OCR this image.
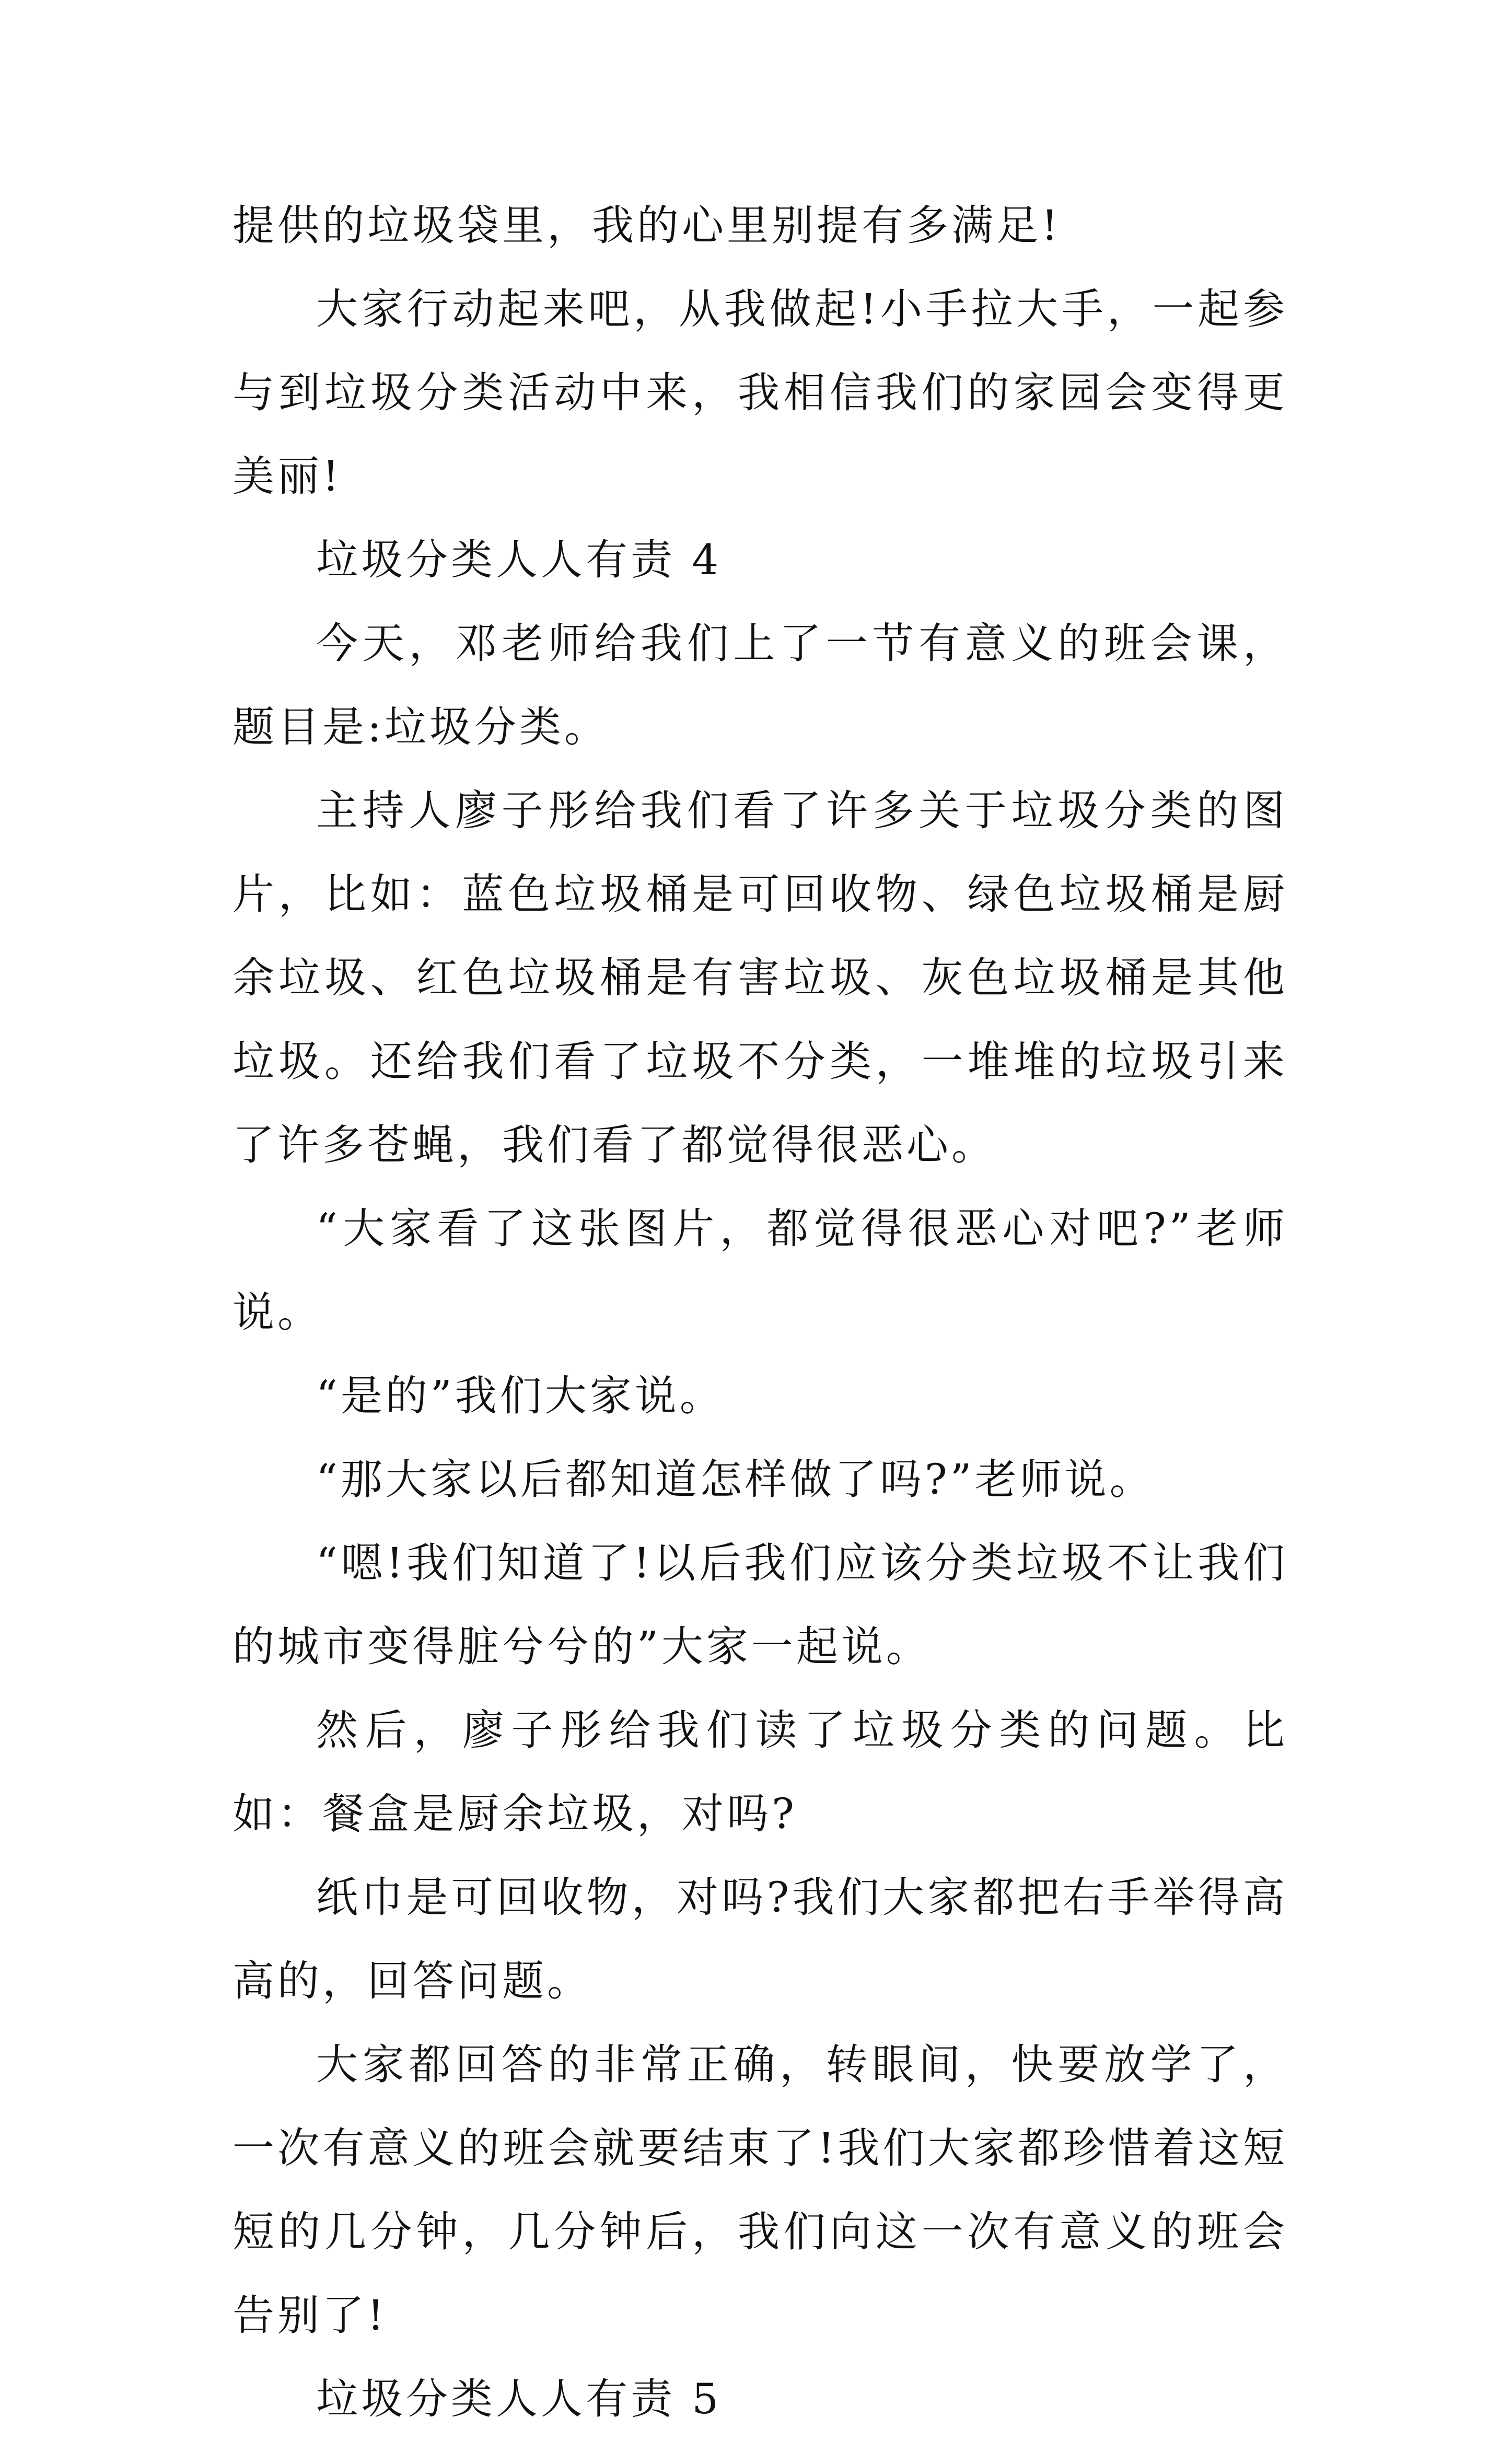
提供的垃圾袋里，我的心里别提有多满足!

大家行动起来吧，从我做起!小手拉大手，一起参与到垃圾分类活动中来，我相信我们的家园会变得更美丽!

垃圾分类人人有责 4

今天，邓老师给我们上了一节有意义的班会课，题目是:垃圾分类。

主持人廖子彤给我们看了许多关于垃圾分类的图片，比如：蓝色垃圾桶是可回收物、绿色垃圾桶是厨余垃圾、红色垃圾桶是有害垃圾、灰色垃圾桶是其他垃圾。还给我们看了垃圾不分类，一堆堆的垃圾引来了许多苍蝇，我们看了都觉得很恶心。

“大家看了这张图片，都觉得很恶心对吧?”老师说。

“是的”我们大家说。

“那大家以后都知道怎样做了吗?”老师说。

“嗯!我们知道了!以后我们应该分类垃圾不让我们的城市变得脏兮兮的”大家一起说。

然后，廖子彤给我们读了垃圾分类的问题。比如：餐盒是厨余垃圾，对吗?

纸巾是可回收物，对吗?我们大家都把右手举得高高的，回答问题。

大家都回答的非常正确，转眼间，快要放学了，一次有意义的班会就要结束了!我们大家都珍惜着这短短的几分钟，几分钟后，我们向这一次有意义的班会告别了!

垃圾分类人人有责 5
